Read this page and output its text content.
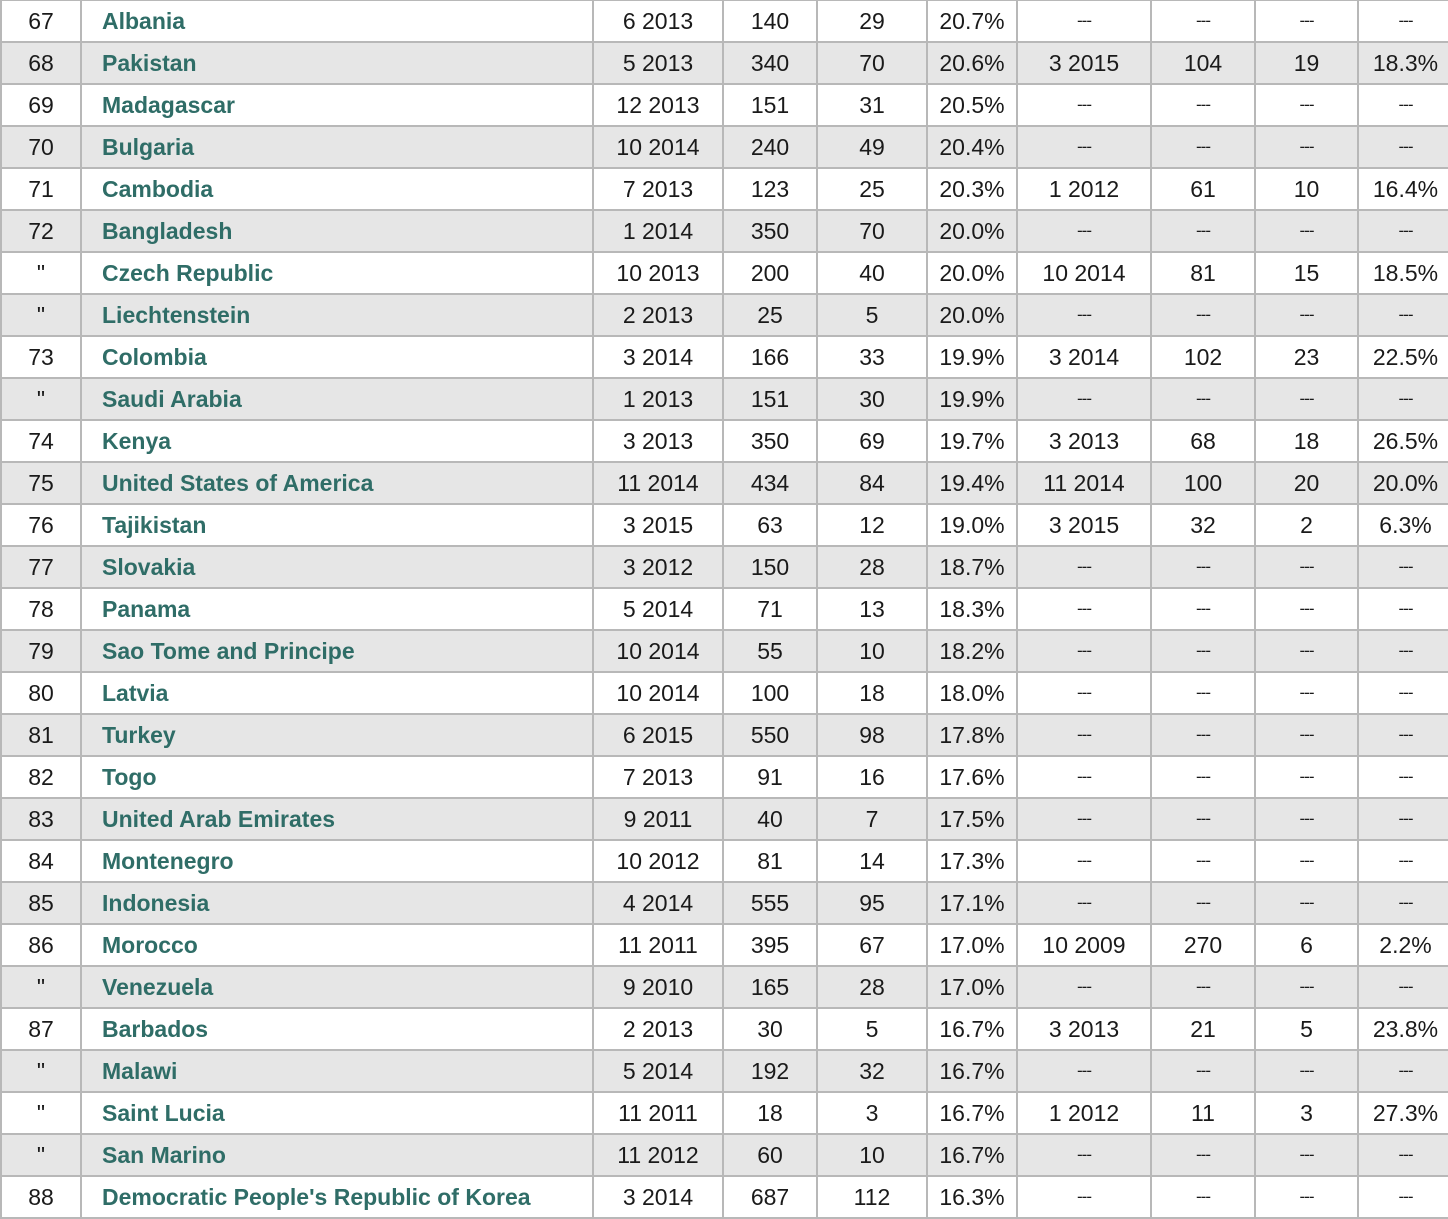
67	Albania	6 2013	140	29	20.7%	---	---	---	---
68	Pakistan	5 2013	340	70	20.6%	3 2015	104	19	18.3%
69	Madagascar	12 2013	151	31	20.5%	---	---	---	---
70	Bulgaria	10 2014	240	49	20.4%	---	---	---	---
71	Cambodia	7 2013	123	25	20.3%	1 2012	61	10	16.4%
72	Bangladesh	1 2014	350	70	20.0%	---	---	---	---
"	Czech Republic	10 2013	200	40	20.0%	10 2014	81	15	18.5%
"	Liechtenstein	2 2013	25	5	20.0%	---	---	---	---
73	Colombia	3 2014	166	33	19.9%	3 2014	102	23	22.5%
"	Saudi Arabia	1 2013	151	30	19.9%	---	---	---	---
74	Kenya	3 2013	350	69	19.7%	3 2013	68	18	26.5%
75	United States of America	11 2014	434	84	19.4%	11 2014	100	20	20.0%
76	Tajikistan	3 2015	63	12	19.0%	3 2015	32	2	6.3%
77	Slovakia	3 2012	150	28	18.7%	---	---	---	---
78	Panama	5 2014	71	13	18.3%	---	---	---	---
79	Sao Tome and Principe	10 2014	55	10	18.2%	---	---	---	---
80	Latvia	10 2014	100	18	18.0%	---	---	---	---
81	Turkey	6 2015	550	98	17.8%	---	---	---	---
82	Togo	7 2013	91	16	17.6%	---	---	---	---
83	United Arab Emirates	9 2011	40	7	17.5%	---	---	---	---
84	Montenegro	10 2012	81	14	17.3%	---	---	---	---
85	Indonesia	4 2014	555	95	17.1%	---	---	---	---
86	Morocco	11 2011	395	67	17.0%	10 2009	270	6	2.2%
"	Venezuela	9 2010	165	28	17.0%	---	---	---	---
87	Barbados	2 2013	30	5	16.7%	3 2013	21	5	23.8%
"	Malawi	5 2014	192	32	16.7%	---	---	---	---
"	Saint Lucia	11 2011	18	3	16.7%	1 2012	11	3	27.3%
"	San Marino	11 2012	60	10	16.7%	---	---	---	---
88	Democratic People's Republic of Korea	3 2014	687	112	16.3%	---	---	---	---
